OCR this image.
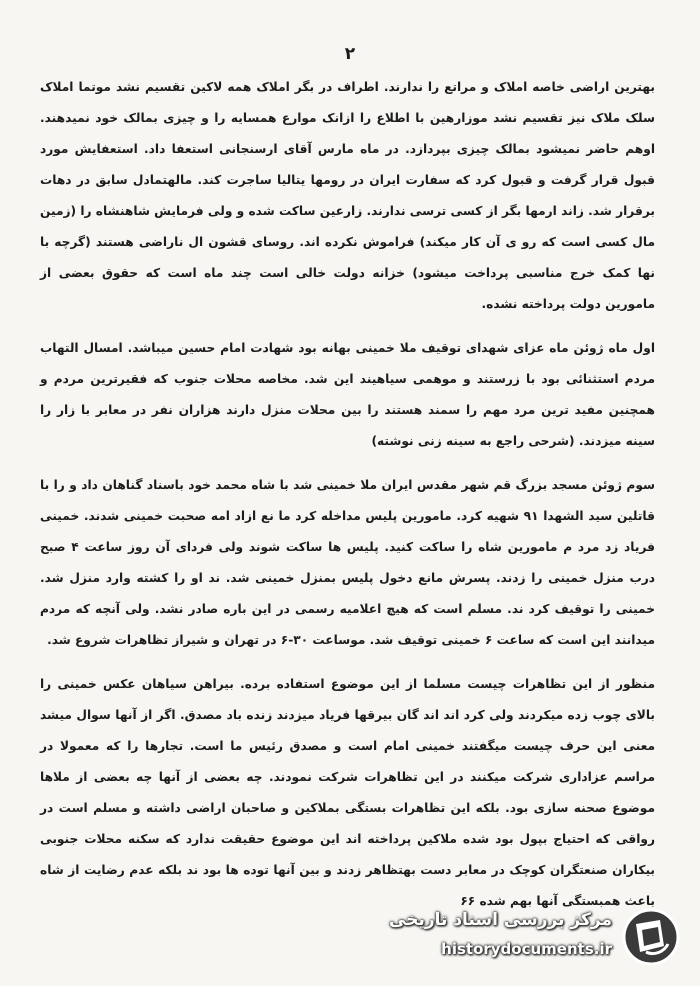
۲

بهترین اراضی خاصه املاک و مراتع را ندارند. اطراف در بگر املاک همه لاکین تقسیم نشد موتما املاک سلک ملاک نیز تقسیم نشد موزارهین با اطلاع را ازانک موارع همسایه را و چیزی بمالک خود نمیدهند. اوهم حاضر نمیشود بمالک چیزی بپردازد. در ماه مارس آقای ارسنجانی استعفا داد. استعفایش مورد قبول قرار گرفت و قبول کرد که سفارت ایران در رومها یتالیا ساجرت کند. مالهتمادل سابق در دهات برقرار شد. زاند ارمها بگر از کسی ترسی ندارند. زارعین ساکت شده و ولی فرمایش شاهنشاه را (زمین مال کسی است که رو ی آن کار میکند) فراموش نکرده اند. روسای قشون ال ناراضی هستند (گرچه با نها کمک خرج مناسبی پرداخت میشود) خزانه دولت خالی است چند ماه است که حقوق بعضی از مامورین دولت پرداخته نشده.

اول ماه ژوئن ماه عزای شهدای توقیف ملا خمینی بهانه بود شهادت امام حسین میباشد. امسال التهاب مردم استثنائی بود با زرستند و موهمی سیاهیند این شد. مخاصه محلات جنوب که فقیرترین مردم و همچنین مفید ترین مرد مهم را سمند هستند را بین محلات منزل دارند هزاران نفر در معابر با زار را سینه میزدند. (شرحی راجع به سینه زنی نوشته)

سوم ژوئن مسجد بزرگ قم شهر مقدس ایران ملا خمینی شد با شاه محمد خود باسناد گناهان داد و را با قاتلین سید الشهدا ۹۱ شهیه کرد. مامورین پلیس مداخله کرد ما نع ازاد امه صحبت خمینی شدند. خمینی فریاد زد مرد م مامورین شاه را ساکت کنید. پلیس ها ساکت شوند ولی فردای آن روز ساعت ۴ صبح درب منزل خمینی را زدند. پسرش مانع دخول پلیس بمنزل خمینی شد. ند او را کشته وارد منزل شد. خمینی را توقیف کرد ند. مسلم است که هیچ اعلامیه رسمی در این باره صادر نشد. ولی آنچه که مردم میدانند این است که ساعت ۶ خمینی توقیف شد. موساعت ۳۰-۶ در تهران و شیراز تظاهرات شروع شد.

منظور از این تظاهرات چیست مسلما از این موضوع استفاده برده. بیراهن سیاهان عکس خمینی را بالای چوب زده میکردند ولی کرد اند اند گان بیرقها فریاد میزدند زنده باد مصدق. اگر از آنها سوال میشد معنی این حرف چیست میگفتند خمینی امام است و مصدق رئیس ما است. تجارها را که معمولا در مراسم عزاداری شرکت میکنند در این تظاهرات شرکت نمودند. چه بعضی از آنها چه بعضی از ملاها موضوع صحنه سازی بود. بلکه این تظاهرات بستگی بملاکین و صاحبان اراضی داشته و مسلم است در رواقی که احتیاج بپول بود شده ملاکین پرداخته اند این موضوع حقیقت ندارد که سکنه محلات جنوبی بیکاران صنعتگران کوچک در معابر دست بهتظاهر زدند و بین آنها توده ها بود ند بلکه عدم رضایت از شاه باعث همبستگی آنها بهم شده ۶۶

مرکز بررسی اسناد تاریخی
historydocuments.ir
